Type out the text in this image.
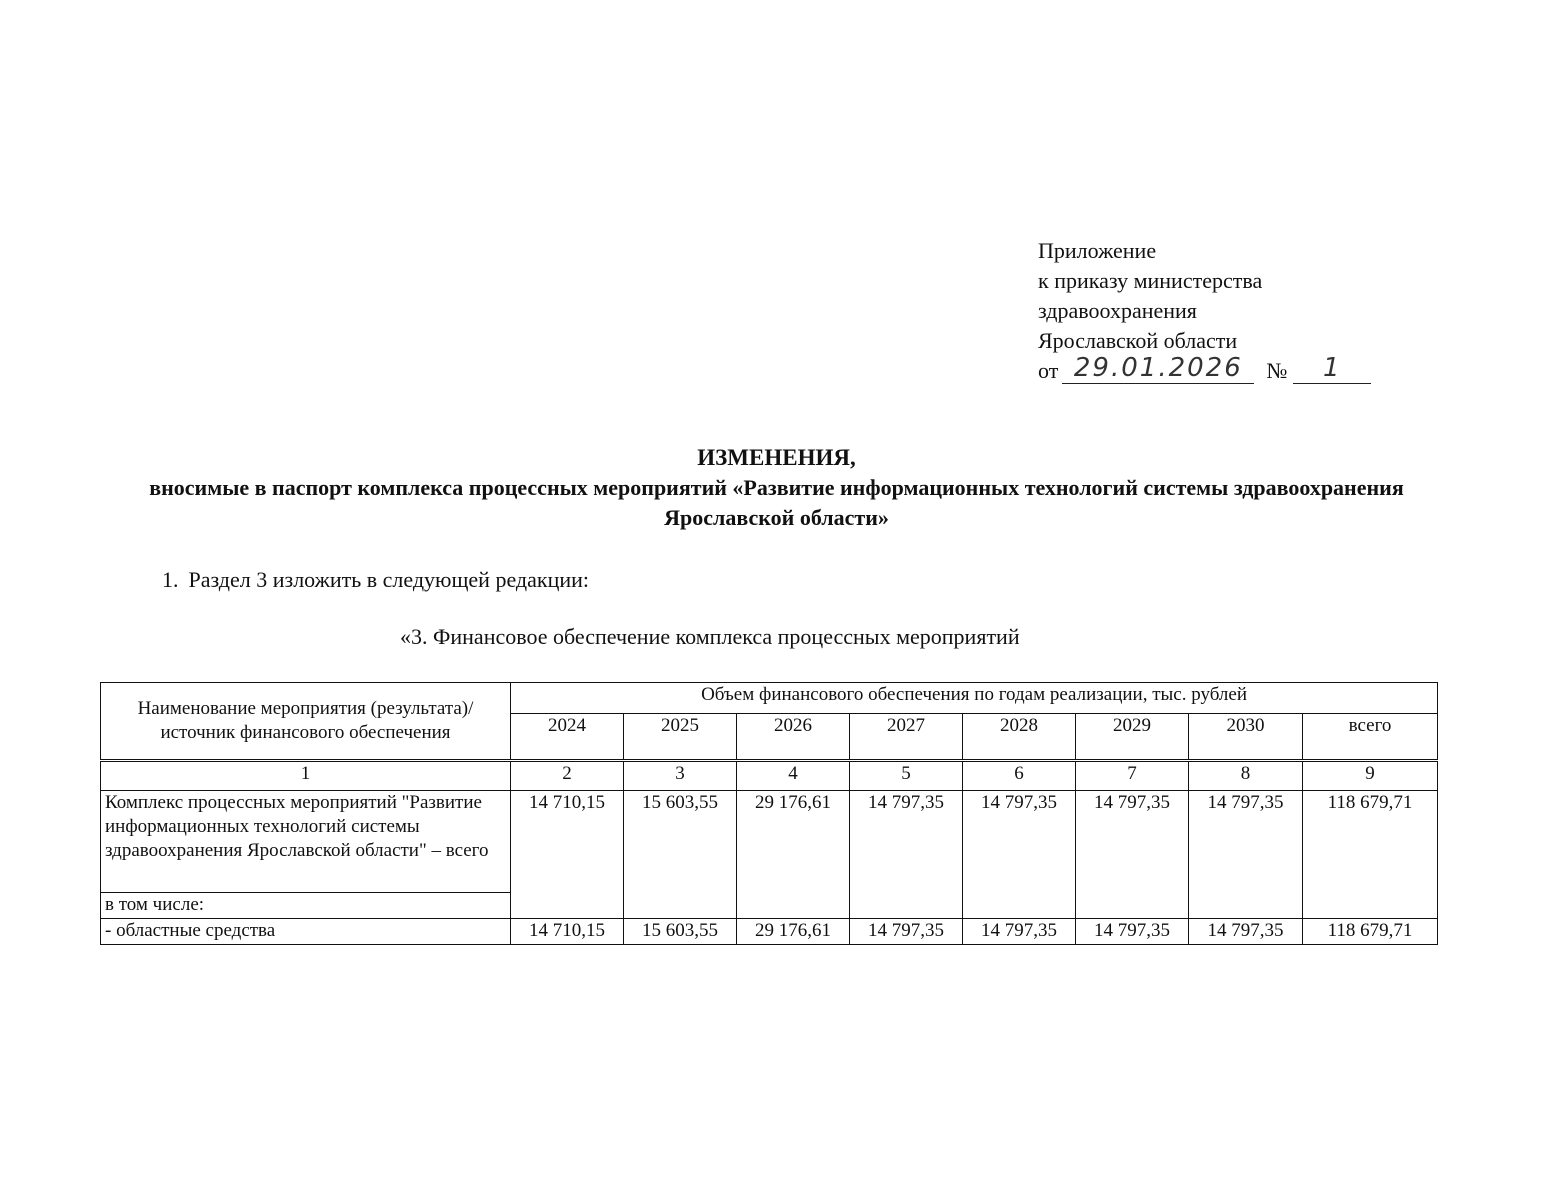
Приложение
к приказу министерства
здравоохранения
Ярославской области
от 29.01.2026	№	1
ИЗМЕНЕНИЯ,
вносимые в паспорт комплекса процессных мероприятий «Развитие информационных технологий системы здравоохранения Ярославской области»
1. Раздел 3 изложить в следующей редакции:
«3. Финансовое обеспечение комплекса процессных мероприятий
Наименование мероприятия (результата)/ источник финансового обеспечения	Объем финансового обеспечения по годам реализации, тыс. рублей							
	2024	2025	2026	2027	2028	2029	2030	всего
1	2	3	4	5	6	7	8	9
Комплекс процессных мероприятий "Развитие информационных технологий системы здравоохранения Ярославской области" – всего	14 710,15	15 603,55	29 176,61	14 797,35	14 797,35	14 797,35	14 797,35	118 679,71
в том числе:								
- областные средства	14 710,15	15 603,55	29 176,61	14 797,35	14 797,35	14 797,35	14 797,35	118 679,71
